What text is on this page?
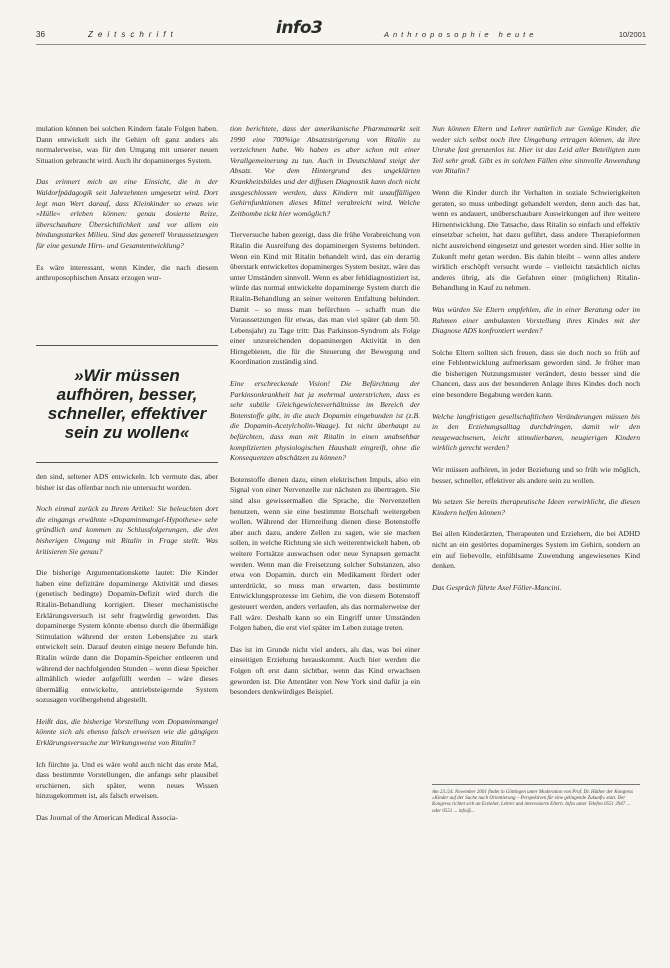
36	Zeitschrift	info3	Anthroposophie heute	10/2001

mulation können bei solchen Kindern fatale Folgen haben. Dann entwickelt sich ihr Gehirn oft ganz anders als normalerweise, was für den Umgang mit unserer neuen Situation gebraucht wird. Auch ihr dopaminerges System.

Das erinnert mich an eine Einsicht, die in der Waldorfpädagogik seit Jahrzehnten umgesetzt wird. Dort legt man Wert darauf, dass Kleinkinder so etwas wie »Hülle« erleben können: genau dosierte Reize, überschaubare Übersichtlichkeit und vor allem ein bindungsstarkes Milieu. Sind das generell Voraussetzungen für eine gesunde Hirn- und Gesamtentwicklung?

Es wäre interessant, wenn Kinder, die nach diesem anthroposophischen Ansatz erzogen wur-

»Wir müssen aufhören, besser, schneller, effektiver sein zu wollen«

den sind, seltener ADS entwickeln. Ich vermute das, aber bisher ist das offenbar noch nie untersucht worden.

Noch einmal zurück zu Ihrem Artikel: Sie beleuchten dort die eingangs erwähnte »Dopaminmangel-Hypothese« sehr gründlich und kommen zu Schlussfolgerungen, die den bisherigen Umgang mit Ritalin in Frage stellt. Was kritisieren Sie genau?

Die bisherige Argumentationskette lautet: Die Kinder haben eine defizitäre dopaminerge Aktivität und dieses (genetisch bedingte) Dopamin-Defizit wird durch die Ritalin-Behandlung korrigiert. Dieser mechanistische Erklärungsversuch ist sehr fragwürdig geworden. Das dopaminerge System könnte ebenso durch die übermäßige Stimulation während der ersten Lebensjahre zu stark entwickelt sein. Darauf deuten einige neuere Befunde hin. Ritalin würde dann die Dopamin-Speicher entleeren und während der nachfolgenden Stunden – wenn diese Speicher allmählich wieder aufgefüllt werden – wäre dieses übermäßig entwickelte, antriebsteigernde System sozusagen vorübergehend abgestellt.

Heißt das, die bisherige Vorstellung vom Dopaminmangel könnte sich als ebenso falsch erweisen wie die gängigen Erklärungsversuche zur Wirkungsweise von Ritalin?

Ich fürchte ja. Und es wäre wohl auch nicht das erste Mal, dass bestimmte Vorstellungen, die anfangs sehr plausibel erschienen, sich später, wenn neues Wissen hinzugekommen ist, als falsch erweisen.

Das Journal of the American Medical Associa-

tion berichtete, dass der amerikanische Pharmamarkt seit 1990 eine 700%ige Absatzsteigerung von Ritalin zu verzeichnen habe. Wo haben es aber schon mit einer Verallgemeinerung zu tun. Auch in Deutschland steigt der Absatz. Vor dem Hintergrund des ungeklärten Krankheitsbildes und der diffusen Diagnostik kann doch nicht ausgeschlossen werden, dass Kindern mit unauffälligen Gehirnfunktionen dieses Mittel verabreicht wird. Welche Zeitbombe tickt hier womöglich?

Tierversuche haben gezeigt, dass die frühe Verabreichung von Ritalin die Ausreifung des dopaminergen Systems behindert. Wenn ein Kind mit Ritalin behandelt wird, das ein derartig überstark entwickeltes dopaminerges System besitzt, wäre das unter Umständen sinnvoll. Wenn es aber fehldiagnostiziert ist, würde das normal entwickelte dopaminerge System durch die Ritalin-Behandlung an seiner weiteren Entfaltung behindert. Damit – so muss man befürchten – schafft man die Voraussetzungen für etwas, das man viel später (ab dem 50. Lebensjahr) zu Tage tritt: Das Parkinson-Syndrom als Folge einer unzureichenden dopaminergen Aktivität in den Hirngebieten, die für die Steuerung der Bewegung und Koordination zuständig sind.

Eine erschreckende Vision! Die Befürchtung der Parkinsonkrankheit hat ja mehrmal unterstrichen, dass es sehr subtile Gleichgewichtsverhältnisse im Bereich der Botenstoffe gibt, in die auch Dopamin eingebunden ist (z.B. die Dopamin-Acetylcholin-Waage). Ist nicht überhaupt zu befürchten, dass man mit Ritalin in einen unabsehbar komplizierten physiologischen Haushalt eingreift, ohne die Konsequenzen abschätzen zu können?

Botenstoffe dienen dazu, einen elektrischen Impuls, also ein Signal von einer Nervenzelle zur nächsten zu übertragen. Sie sind also gewissermaßen die Sprache, die Nervenzellen benutzen, wenn sie eine bestimmte Botschaft weitergeben wollen. Während der Hirnreifung dienen diese Botenstoffe aber auch dazu, andere Zellen zu sagen, wie sie machen sollen, in welche Richtung sie sich weiterentwickelt haben, ob weitere Fortsätze auswachsen oder neue Synapsen gemacht werden. Wenn man die Freisetzung solcher Substanzen, also etwa von Dopamin, durch ein Medikament fördert oder unterdrückt, so muss man erwarten, dass bestimmte Entwicklungsprozesse im Gehirn, die von diesem Botenstoff gesteuert werden, anders verlaufen, als das normalerweise der Fall wäre. Deshalb kann so ein Eingriff unter Umständen Folgen haben, die erst viel später im Leben zutage treten.

Das ist im Grunde nicht viel anders, als das, was bei einer einseitigen Erziehung herauskommt. Auch hier werden die Folgen oft erst dann sichtbar, wenn das Kind erwachsen geworden ist. Die Attentäter von New York sind dafür ja ein besonders denkwürdiges Beispiel.

Nun können Eltern und Lehrer natürlich zur Genüge Kinder, die weder sich selbst noch ihre Umgebung ertragen können, da ihre Unruhe fast grenzenlos ist. Hier ist das Leid aller Beteiligten zum Teil sehr groß. Gibt es in solchen Fällen eine sinnvolle Anwendung von Ritalin?

Wenn die Kinder durch ihr Verhalten in soziale Schwierigkeiten geraten, so muss unbedingt gehandelt werden, denn auch das hat, wenn es andauert, unüberschaubare Auswirkungen auf ihre weitere Hirnentwicklung. Die Tatsache, dass Ritalin so einfach und effektiv einsetzbar scheint, hat dazu geführt, dass andere Therapieformen nicht ausreichend eingesetzt und getestet worden sind. Hier sollte in Zukunft mehr getan werden. Bis dahin bleibt – wenn alles andere wirklich erschöpft versucht wurde – vielleicht tatsächlich nichts anderes übrig, als die Gefahren einer (möglichen) Ritalin-Behandlung in Kauf zu nehmen.

Was würden Sie Eltern empfehlen, die in einer Beratung oder im Rahmen einer ambulanten Vorstellung ihres Kindes mit der Diagnose ADS konfrontiert werden?

Solche Eltern sollten sich freuen, dass sie doch noch so früh auf eine Fehlentwicklung aufmerksam geworden sind. Je früher man die bisherigen Nutzungsmuster verändert, desto besser sind die Chancen, dass aus der besonderen Anlage ihres Kindes doch noch eine besondere Begabung werden kann.

Welche langfristigen gesellschaftlichen Veränderungen müssen bis in den Erziehungsalltag durchdringen, damit wir den neugewachsenen, leicht stimulierbaren, neugierigen Kindern wirklich gerecht werden?

Wir müssen aufhören, in jeder Beziehung und so früh wie möglich, besser, schneller, effektiver als andere sein zu wollen.

Wo setzen Sie bereits therapeutische Ideen verwirklicht, die diesen Kindern helfen können?

Bei allen Kinderärzten, Therapeuten und Erziehern, die bei ADHD nicht an ein gestörtes dopaminerges System im Gehirn, sondern an ein auf liebevolle, einfühlsame Zuwendung angewiesenes Kind denken.

Das Gespräch führte Axel Föller-Mancini.

Am 23./24. November 2001 findet in Göttingen unter Moderation von Prof. Dr. Hüther der Kongress »Kinder auf der Suche nach Orientierung – Perspektiven für eine gelingende Zukunft« statt. Der Kongress richtet sich an Erzieher, Lehrer und interessierte Eltern. Infos unter Telefon 0551 3947 ... oder 0551 ... info@...
